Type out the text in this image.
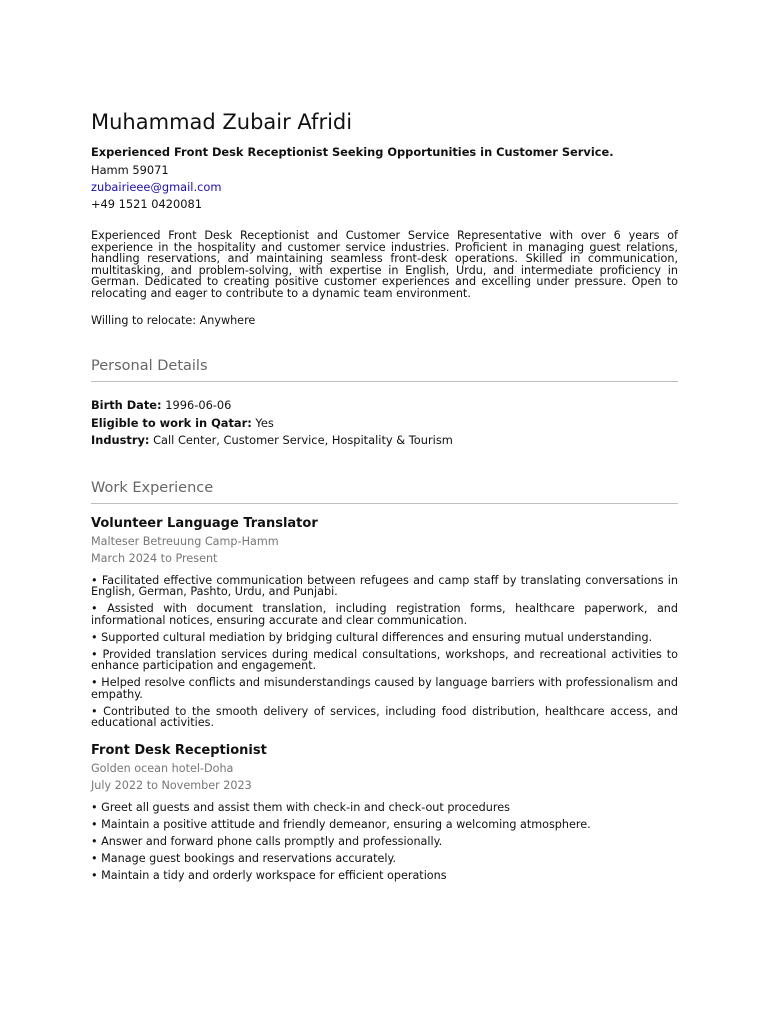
Muhammad Zubair Afridi
Experienced Front Desk Receptionist Seeking Opportunities in Customer Service.
Hamm 59071
zubairieee@gmail.com
+49 1521 0420081
Experienced Front Desk Receptionist and Customer Service Representative with over 6 years of experience in the hospitality and customer service industries. Proficient in managing guest relations, handling reservations, and maintaining seamless front-desk operations. Skilled in communication, multitasking, and problem-solving, with expertise in English, Urdu, and intermediate proficiency in German. Dedicated to creating positive customer experiences and excelling under pressure. Open to relocating and eager to contribute to a dynamic team environment.
Willing to relocate: Anywhere
Personal Details
Birth Date: 1996-06-06
Eligible to work in Qatar: Yes
Industry: Call Center, Customer Service, Hospitality & Tourism
Work Experience
Volunteer Language Translator
Malteser Betreuung Camp-Hamm
March 2024 to Present
• Facilitated effective communication between refugees and camp staff by translating conversations in English, German, Pashto, Urdu, and Punjabi.
• Assisted with document translation, including registration forms, healthcare paperwork, and informational notices, ensuring accurate and clear communication.
• Supported cultural mediation by bridging cultural differences and ensuring mutual understanding.
• Provided translation services during medical consultations, workshops, and recreational activities to enhance participation and engagement.
• Helped resolve conflicts and misunderstandings caused by language barriers with professionalism and empathy.
• Contributed to the smooth delivery of services, including food distribution, healthcare access, and educational activities.
Front Desk Receptionist
Golden ocean hotel-Doha
July 2022 to November 2023
• Greet all guests and assist them with check-in and check-out procedures
• Maintain a positive attitude and friendly demeanor, ensuring a welcoming atmosphere.
• Answer and forward phone calls promptly and professionally.
• Manage guest bookings and reservations accurately.
• Maintain a tidy and orderly workspace for efficient operations
